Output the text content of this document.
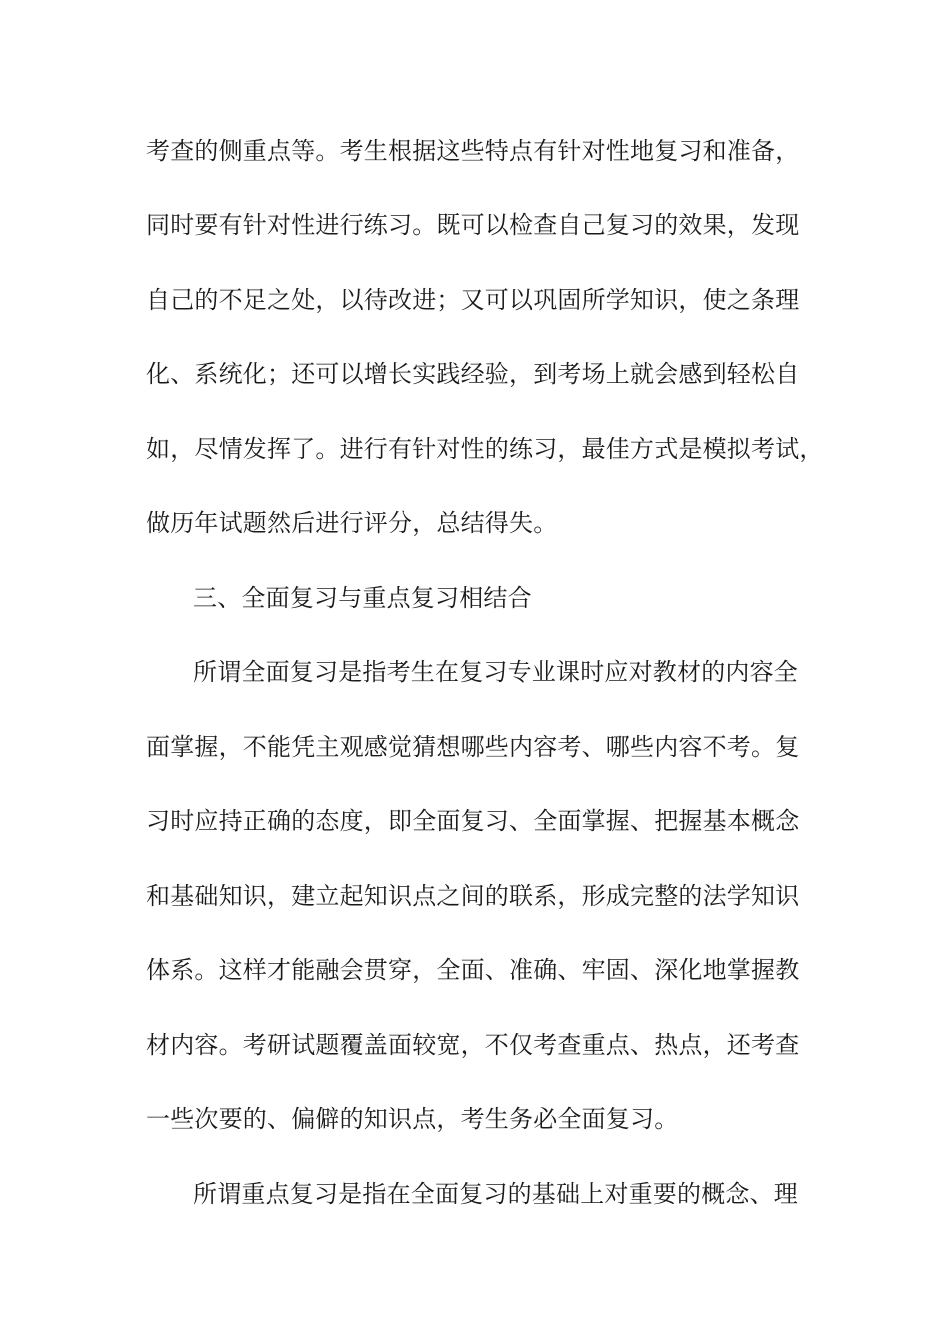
考查的侧重点等。考生根据这些特点有针对性地复习和准备，
同时要有针对性进行练习。既可以检查自己复习的效果，发现
自己的不足之处，以待改进；又可以巩固所学知识，使之条理
化、系统化；还可以增长实践经验，到考场上就会感到轻松自
如，尽情发挥了。进行有针对性的练习，最佳方式是模拟考试，
做历年试题然后进行评分，总结得失。
三、全面复习与重点复习相结合
所谓全面复习是指考生在复习专业课时应对教材的内容全
面掌握，不能凭主观感觉猜想哪些内容考、哪些内容不考。复
习时应持正确的态度，即全面复习、全面掌握、把握基本概念
和基础知识，建立起知识点之间的联系，形成完整的法学知识
体系。这样才能融会贯穿，全面、准确、牢固、深化地掌握教
材内容。考研试题覆盖面较宽，不仅考查重点、热点，还考查
一些次要的、偏僻的知识点，考生务必全面复习。
所谓重点复习是指在全面复习的基础上对重要的概念、理
